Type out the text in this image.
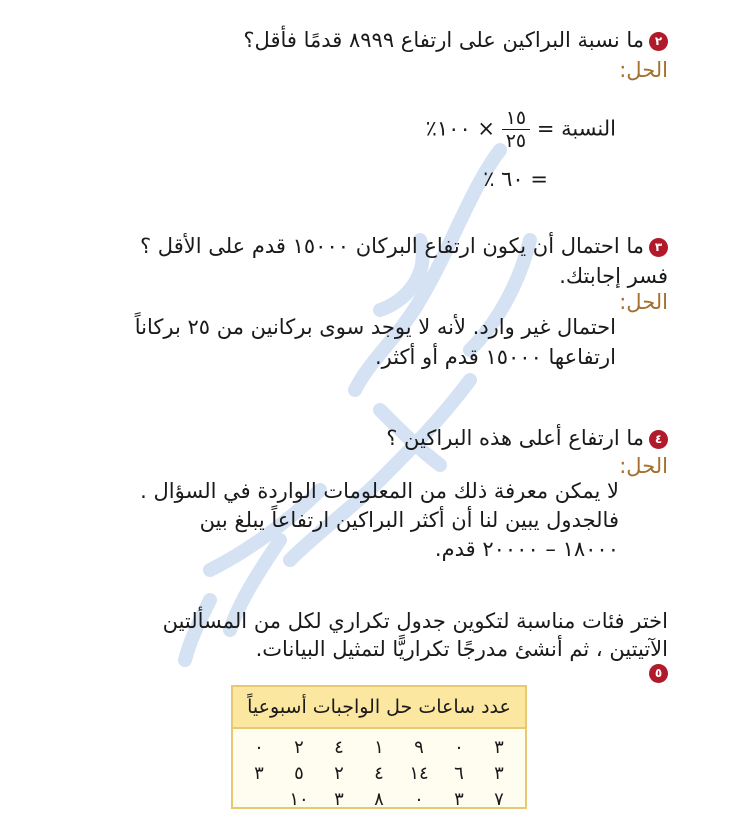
٢ما نسبة البراكين على ارتفاع ٨٩٩٩ قدمًا فأقل؟
الحل:
النسبة =
$\frac{١٥}{٢٥}$
× ١٠٠٪
= ٦٠ ٪
٣ما احتمال أن يكون ارتفاع البركان ١٥٠٠٠ قدم على الأقل ؟
فسر إجابتك.
الحل:
احتمال غير وارد. لأنه لا يوجد سوى بركانين من ٢٥ بركاناً
ارتفاعها ١٥٠٠٠ قدم أو أكثر.
٤ما ارتفاع أعلى هذه البراكين ؟
الحل:
لا يمكن معرفة ذلك من المعلومات الواردة في السؤال .
فالجدول يبين لنا أن أكثر البراكين ارتفاعاً يبلغ بين
١٨٠٠٠ – ٢٠٠٠٠ قدم.
اختر فئات مناسبة لتكوين جدول تكراري لكل من المسألتين
الآتيتين ، ثم أنشئ مدرجًا تكراريًّا لتمثيل البيانات.
٥
عدد ساعات حل الواجبات أسبوعياً
٣
٠
٩
١
٤
٢
٠
٣
٦
١٤
٤
٢
٥
٣
٧
٣
٠
٨
٣
١٠
